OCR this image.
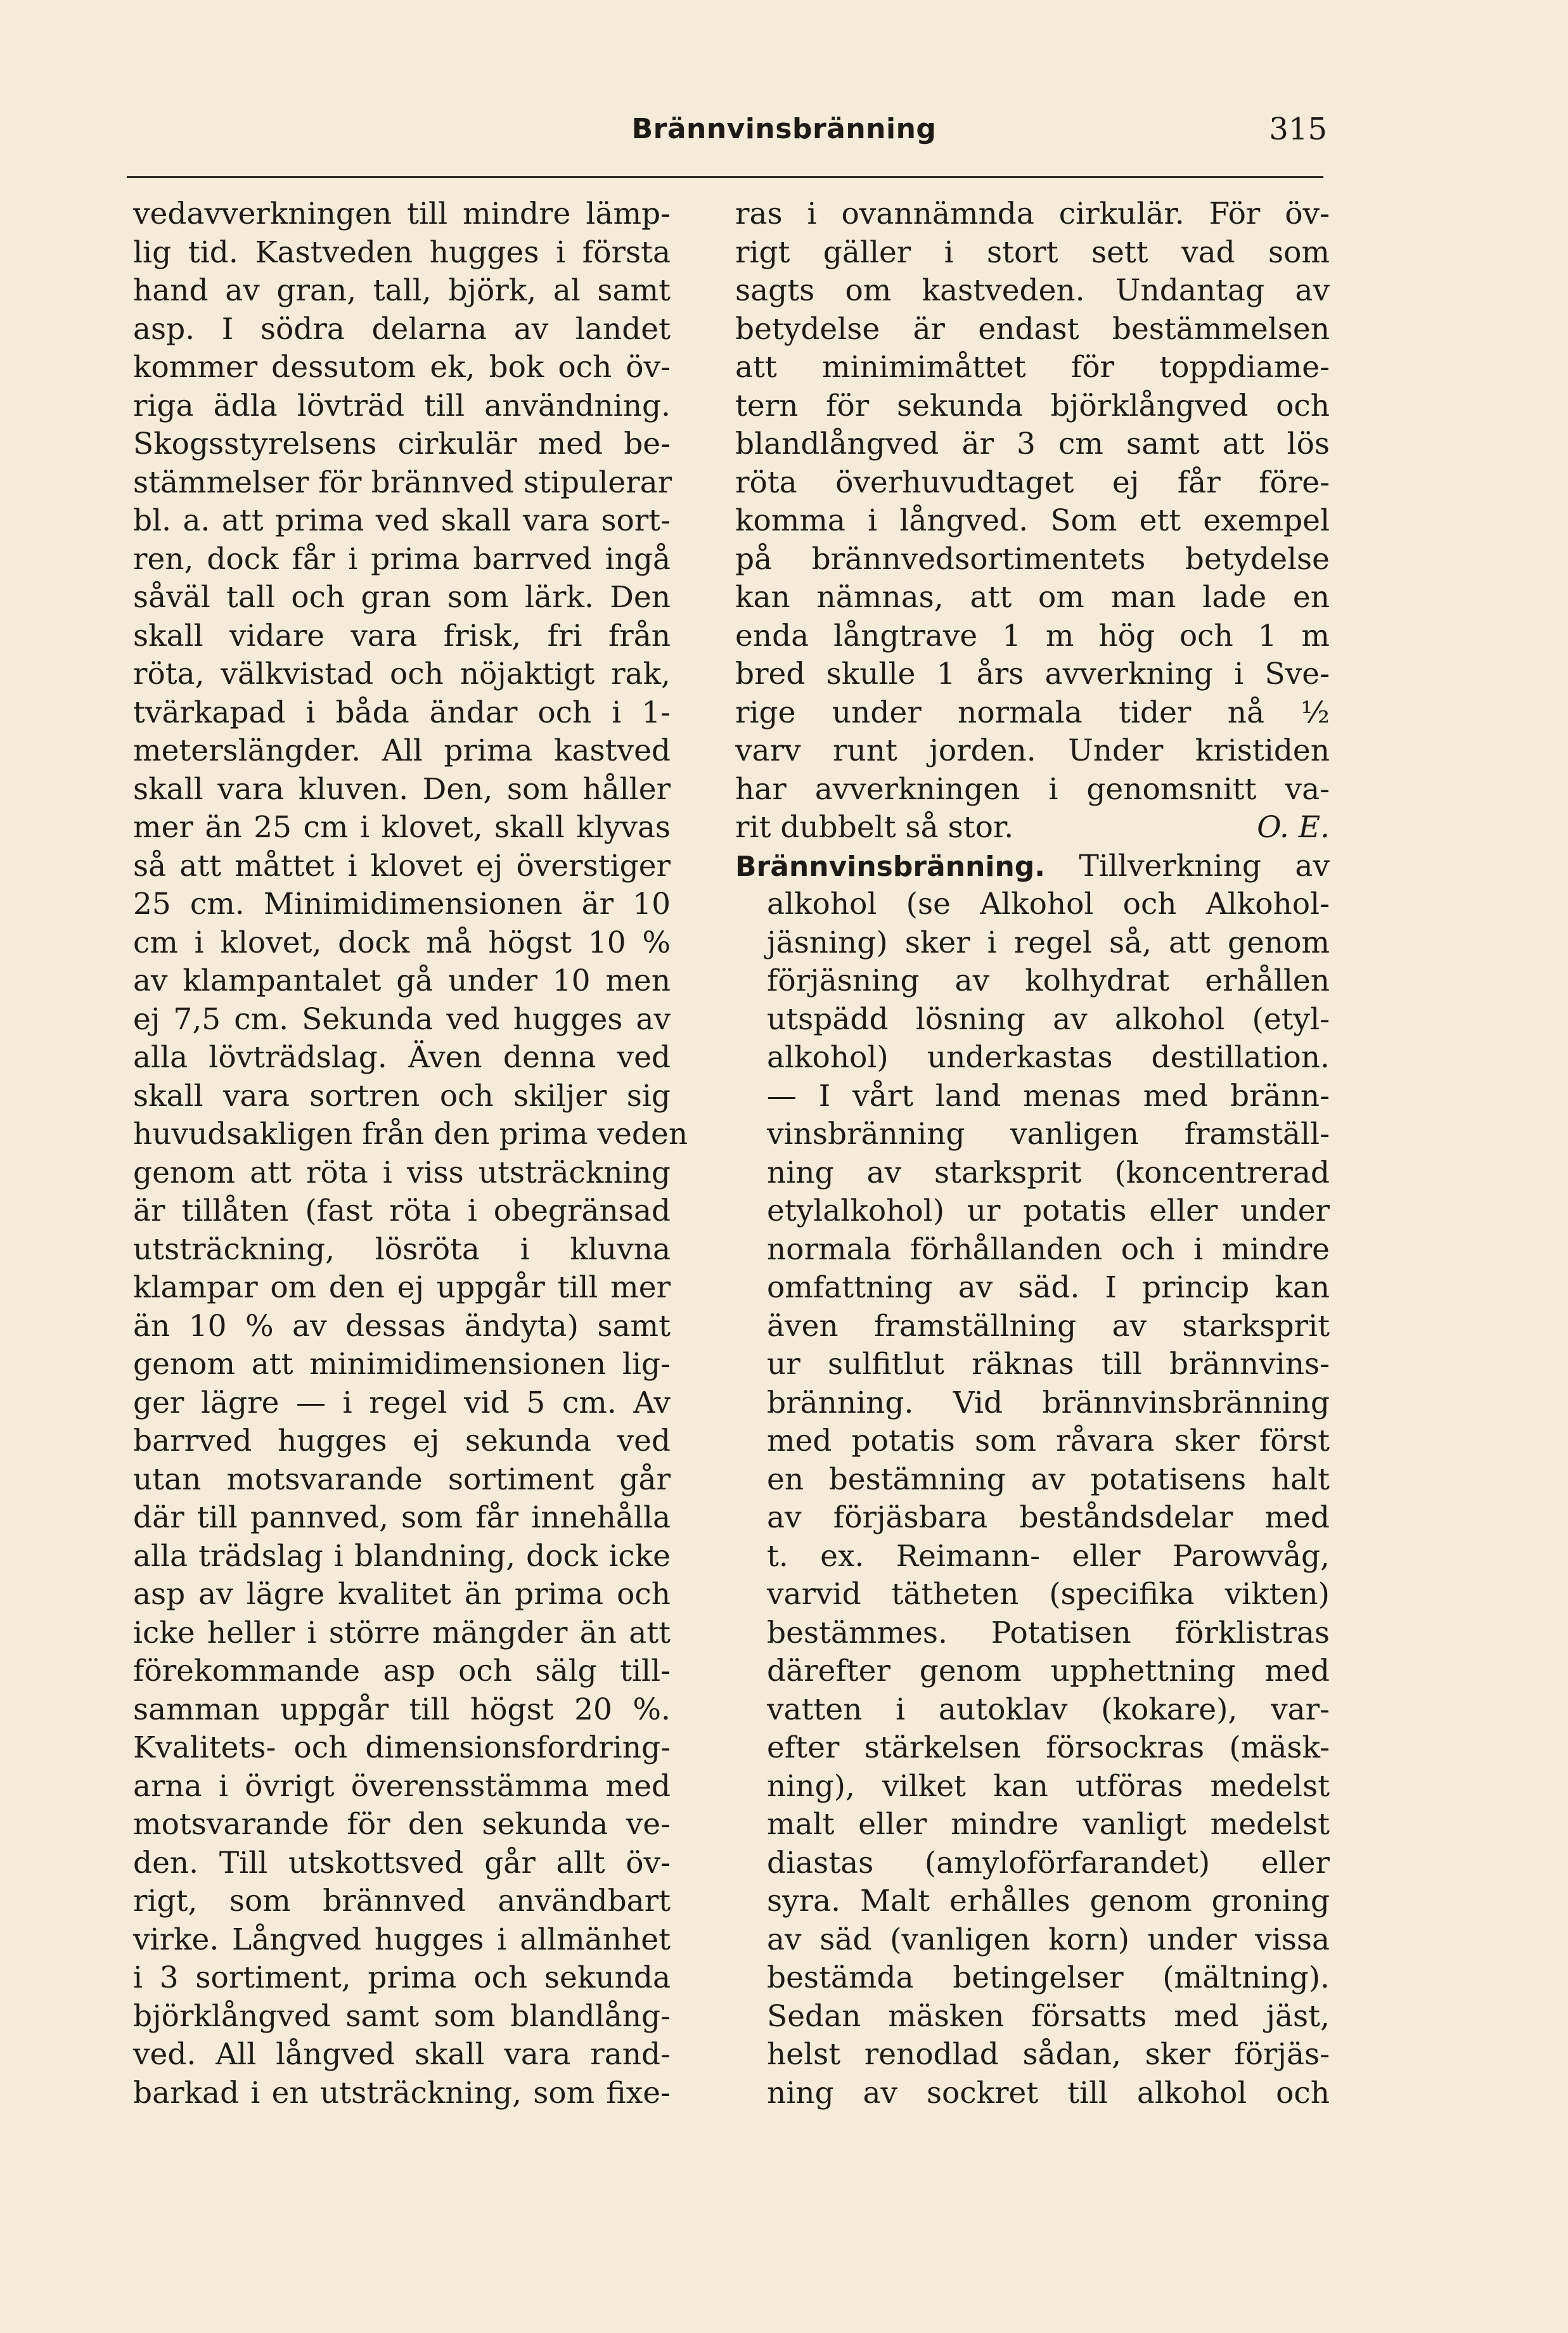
Brännvinsbränning	315
vedavverkningen till mindre lämp-
lig tid. Kastveden hugges i första
hand av gran, tall, björk, al samt
asp. I södra delarna av landet
kommer dessutom ek, bok och öv-
riga ädla lövträd till användning.
Skogsstyrelsens cirkulär med be-
stämmelser för brännved stipulerar
bl. a. att prima ved skall vara sort-
ren, dock får i prima barrved ingå
såväl tall och gran som lärk. Den
skall vidare vara frisk, fri från
röta, välkvistad och nöjaktigt rak,
tvärkapad i båda ändar och i 1-
meterslängder. All prima kastved
skall vara kluven. Den, som håller
mer än 25 cm i klovet, skall klyvas
så att måttet i klovet ej överstiger
25 cm. Minimidimensionen är 10
cm i klovet, dock må högst 10 %
av klampantalet gå under 10 men
ej 7,5 cm. Sekunda ved hugges av
alla lövträdslag. Även denna ved
skall vara sortren och skiljer sig
huvudsakligen från den prima veden
genom att röta i viss utsträckning
är tillåten (fast röta i obegränsad
utsträckning, lösröta i kluvna
klampar om den ej uppgår till mer
än 10 % av dessas ändyta) samt
genom att minimidimensionen lig-
ger lägre — i regel vid 5 cm. Av
barrved hugges ej sekunda ved
utan motsvarande sortiment går
där till pannved, som får innehålla
alla trädslag i blandning, dock icke
asp av lägre kvalitet än prima och
icke heller i större mängder än att
förekommande asp och sälg till-
samman uppgår till högst 20 %.
Kvalitets- och dimensionsfordring-
arna i övrigt överensstämma med
motsvarande för den sekunda ve-
den. Till utskottsved går allt öv-
rigt, som brännved användbart
virke. Långved hugges i allmänhet
i 3 sortiment, prima och sekunda
björklångved samt som blandlång-
ved. All långved skall vara rand-
barkad i en utsträckning, som fixe-
ras i ovannämnda cirkulär. För öv-
rigt gäller i stort sett vad som
sagts om kastveden. Undantag av
betydelse är endast bestämmelsen
att minimimåttet för toppdiame-
tern för sekunda björklångved och
blandlångved är 3 cm samt att lös
röta överhuvudtaget ej får före-
komma i långved. Som ett exempel
på brännvedsortimentets betydelse
kan nämnas, att om man lade en
enda långtrave 1 m hög och 1 m
bred skulle 1 års avverkning i Sve-
rige under normala tider nå ½
varv runt jorden. Under kristiden
har avverkningen i genomsnitt va-
rit dubbelt så stor.	O. E.
Brännvinsbränning. Tillverkning av
alkohol (se Alkohol och Alkohol-
jäsning) sker i regel så, att genom
förjäsning av kolhydrat erhållen
utspädd lösning av alkohol (etyl-
alkohol) underkastas destillation.
— I vårt land menas med bränn-
vinsbränning vanligen framställ-
ning av starksprit (koncentrerad
etylalkohol) ur potatis eller under
normala förhållanden och i mindre
omfattning av säd. I princip kan
även framställning av starksprit
ur sulfitlut räknas till brännvins-
bränning. Vid brännvinsbränning
med potatis som råvara sker först
en bestämning av potatisens halt
av förjäsbara beståndsdelar med
t. ex. Reimann- eller Parowvåg,
varvid tätheten (specifika vikten)
bestämmes. Potatisen förklistras
därefter genom upphettning med
vatten i autoklav (kokare), var-
efter stärkelsen försockras (mäsk-
ning), vilket kan utföras medelst
malt eller mindre vanligt medelst
diastas (amyloförfarandet) eller
syra. Malt erhålles genom groning
av säd (vanligen korn) under vissa
bestämda betingelser (mältning).
Sedan mäsken försatts med jäst,
helst renodlad sådan, sker förjäs-
ning av sockret till alkohol och
